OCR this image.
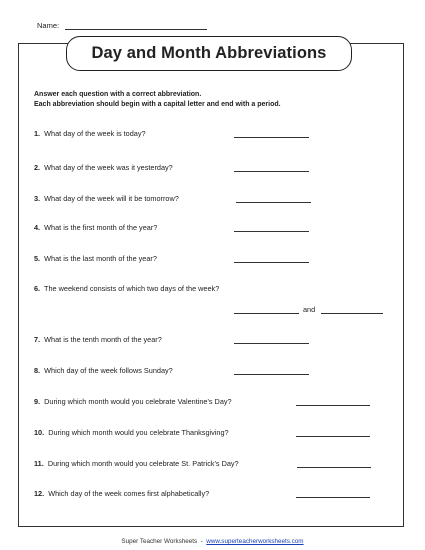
Name:
Day and Month Abbreviations
Answer each question with a correct abbreviation.
Each abbreviation should begin with a capital letter and end with a period.
1. What day of the week is today?
2. What day of the week was it yesterday?
3. What day of the week will it be tomorrow?
4. What is the first month of the year?
5. What is the last month of the year?
6. The weekend consists of which two days of the week?
and
7. What is the tenth month of the year?
8. Which day of the week follows Sunday?
9. During which month would you celebrate Valentine's Day?
10. During which month would you celebrate Thanksgiving?
11. During which month would you celebrate St. Patrick's Day?
12. Which day of the week comes first alphabetically?
Super Teacher Worksheets - www.superteacherworksheets.com
